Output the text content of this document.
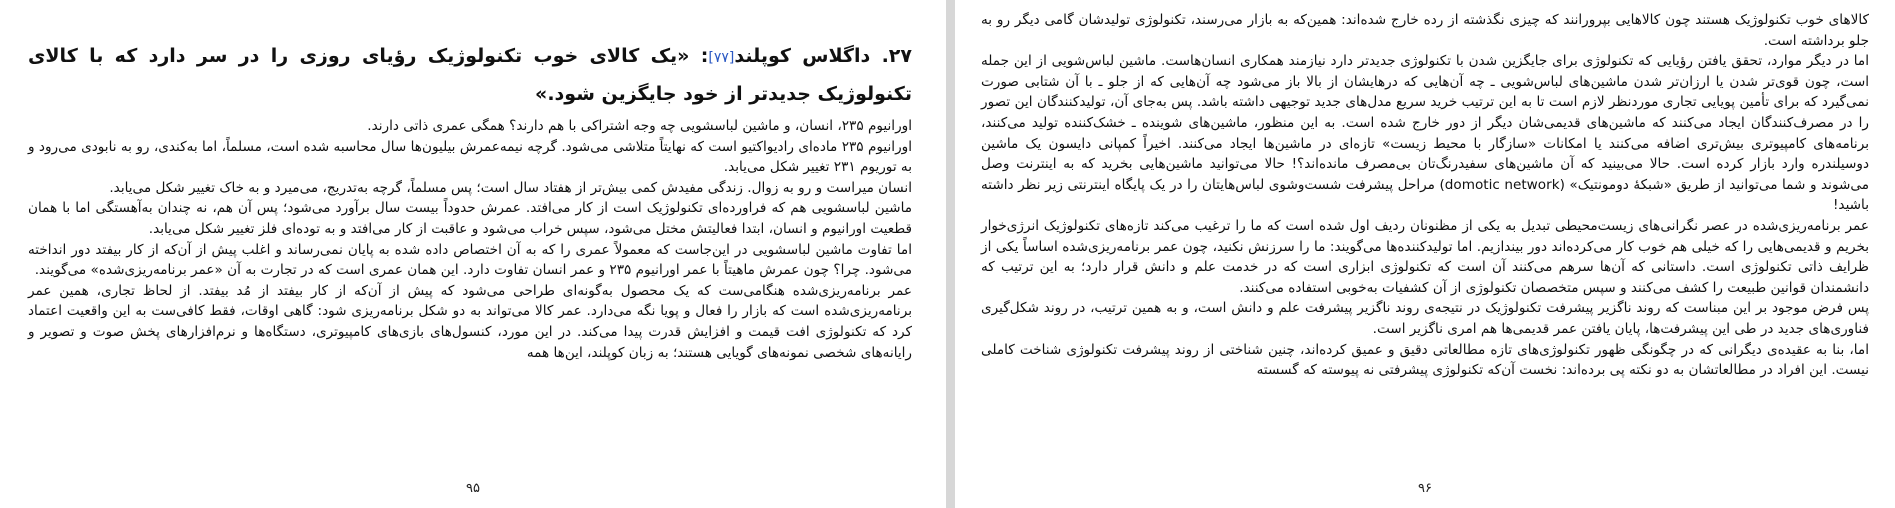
۲۷. داگلاس کوپلند[۷۷]: «یک کالای خوب تکنولوژیک رؤیای روزی را در سر دارد که با کالای تکنولوژیک جدیدتر از خود جایگزین شود.»

اورانیوم ۲۳۵، انسان، و ماشین لباسشویی چه وجه اشتراکی با هم دارند؟ همگی عمری ذاتی دارند.

اورانیوم ۲۳۵ ماده‌ای رادیواکتیو است که نهایتاً متلاشی می‌شود. گرچه نیمه‌عمرش بیلیون‌ها سال محاسبه شده است، مسلماً، اما به‌کندی، رو به نابودی می‌رود و به توریوم ۲۳۱ تغییر شکل می‌یابد.

انسان میراست و رو به زوال. زندگی مفیدش کمی بیش‌تر از هفتاد سال است؛ پس مسلماً، گرچه به‌تدریج، می‌میرد و به خاک تغییر شکل می‌یابد.

ماشین لباسشویی هم که فراورده‌ای تکنولوژیک است از کار می‌افتد. عمرش حدوداً بیست سال برآورد می‌شود؛ پس آن هم، نه چندان به‌آهستگی اما با همان قطعیت اورانیوم و انسان، ابتدا فعالیتش مختل می‌شود، سپس خراب می‌شود و عاقبت از کار می‌افتد و به توده‌ای فلز تغییر شکل می‌یابد.

اما تفاوت ماشین لباسشویی در این‌جاست که معمولاً عمری را که به آن اختصاص داده شده به پایان نمی‌رساند و اغلب پیش از آن‌که از کار بیفتد دور انداخته می‌شود. چرا؟ چون عمرش ماهیتاً با عمر اورانیوم ۲۳۵ و عمر انسان تفاوت دارد. این همان عمری است که در تجارت به آن «عمر برنامه‌ریزی‌شده» می‌گویند.

عمر برنامه‌ریزی‌شده هنگامی‌ست که یک محصول به‌گونه‌ای طراحی می‌شود که پیش از آن‌که از کار بیفتد از مُد بیفتد. از لحاظ تجاری، همین عمر برنامه‌ریزی‌شده است که بازار را فعال و پویا نگه می‌دارد. عمر کالا می‌تواند به دو شکل برنامه‌ریزی شود: گاهی اوقات، فقط کافی‌ست به این واقعیت اعتماد کرد که تکنولوژی افت قیمت و افزایش قدرت پیدا می‌کند. در این مورد، کنسول‌های بازی‌های کامپیوتری، دستگاه‌ها و نرم‌افزارهای پخش صوت و تصویر و رایانه‌های شخصی نمونه‌های گویایی هستند؛ به زبان کوپلند، این‌ها همه

۹۵

کالاهای خوب تکنولوژیک هستند چون کالاهایی بپرورانند که چیزی نگذشته از رده خارج شده‌اند: همین‌که به بازار می‌رسند، تکنولوژی تولیدشان گامی دیگر رو به جلو برداشته است.

اما در دیگر موارد، تحقق یافتن رؤیایی که تکنولوژی برای جایگزین شدن با تکنولوژی جدیدتر دارد نیازمند همکاری انسان‌هاست. ماشین لباس‌شویی از این جمله است، چون قوی‌تر شدن یا ارزان‌تر شدن ماشین‌های لباس‌شویی ـ چه آن‌هایی که درهایشان از بالا باز می‌شود چه آن‌هایی که از جلو ـ با آن شتابی صورت نمی‌گیرد که برای تأمین پویایی تجاری موردنظر لازم است تا به این ترتیب خرید سریع مدل‌های جدید توجیهی داشته باشد. پس به‌جای آن، تولیدکنندگان این تصور را در مصرف‌کنندگان ایجاد می‌کنند که ماشین‌های قدیمی‌شان دیگر از دور خارج شده است. به این منظور، ماشین‌های شوینده ـ خشک‌کننده تولید می‌کنند، برنامه‌های کامپیوتری بیش‌تری اضافه می‌کنند یا امکانات «سازگار با محیط زیست» تازه‌ای در ماشین‌ها ایجاد می‌کنند. اخیراً کمپانی دایسون یک ماشین دوسیلندره وارد بازار کرده است. حالا می‌بینید که آن ماشین‌های سفیدرنگ‌تان بی‌مصرف مانده‌اند؟! حالا می‌توانید ماشین‌هایی بخرید که به اینترنت وصل می‌شوند و شما می‌توانید از طریق «شبکهٔ دومونتیک» (domotic network) مراحل پیشرفت شست‌وشوی لباس‌هایتان را در یک پایگاه اینترنتی زیر نظر داشته باشید!

عمر برنامه‌ریزی‌شده در عصر نگرانی‌های زیست‌محیطی تبدیل به یکی از مظنونان ردیف اول شده است که ما را ترغیب می‌کند تازه‌های تکنولوژیک انرژی‌خوار بخریم و قدیمی‌هایی را که خیلی هم خوب کار می‌کرده‌اند دور بیندازیم. اما تولیدکننده‌ها می‌گویند: ما را سرزنش نکنید، چون عمر برنامه‌ریزی‌شده اساساً یکی از ظرایف ذاتی تکنولوژی است. داستانی که آن‌ها سرهم می‌کنند آن است که تکنولوژی ابزاری است که در خدمت علم و دانش قرار دارد؛ به این ترتیب که دانشمندان قوانین طبیعت را کشف می‌کنند و سپس متخصصان تکنولوژی از آن کشفیات به‌خوبی استفاده می‌کنند.

پس فرض موجود بر این مبناست که روند ناگزیر پیشرفت تکنولوژیک در نتیجه‌ی روند ناگزیر پیشرفت علم و دانش است، و به همین ترتیب، در روند شکل‌گیری فناوری‌های جدید در طی این پیشرفت‌ها، پایان یافتن عمر قدیمی‌ها هم امری ناگزیر است.

اما، بنا به عقیده‌ی دیگرانی که در چگونگی ظهور تکنولوژی‌های تازه مطالعاتی دقیق و عمیق کرده‌اند، چنین شناختی از روند پیشرفت تکنولوژی شناخت کاملی نیست. این افراد در مطالعاتشان به دو نکته پی برده‌اند: نخست آن‌که تکنولوژی پیشرفتی نه پیوسته که گسسته

۹۶
